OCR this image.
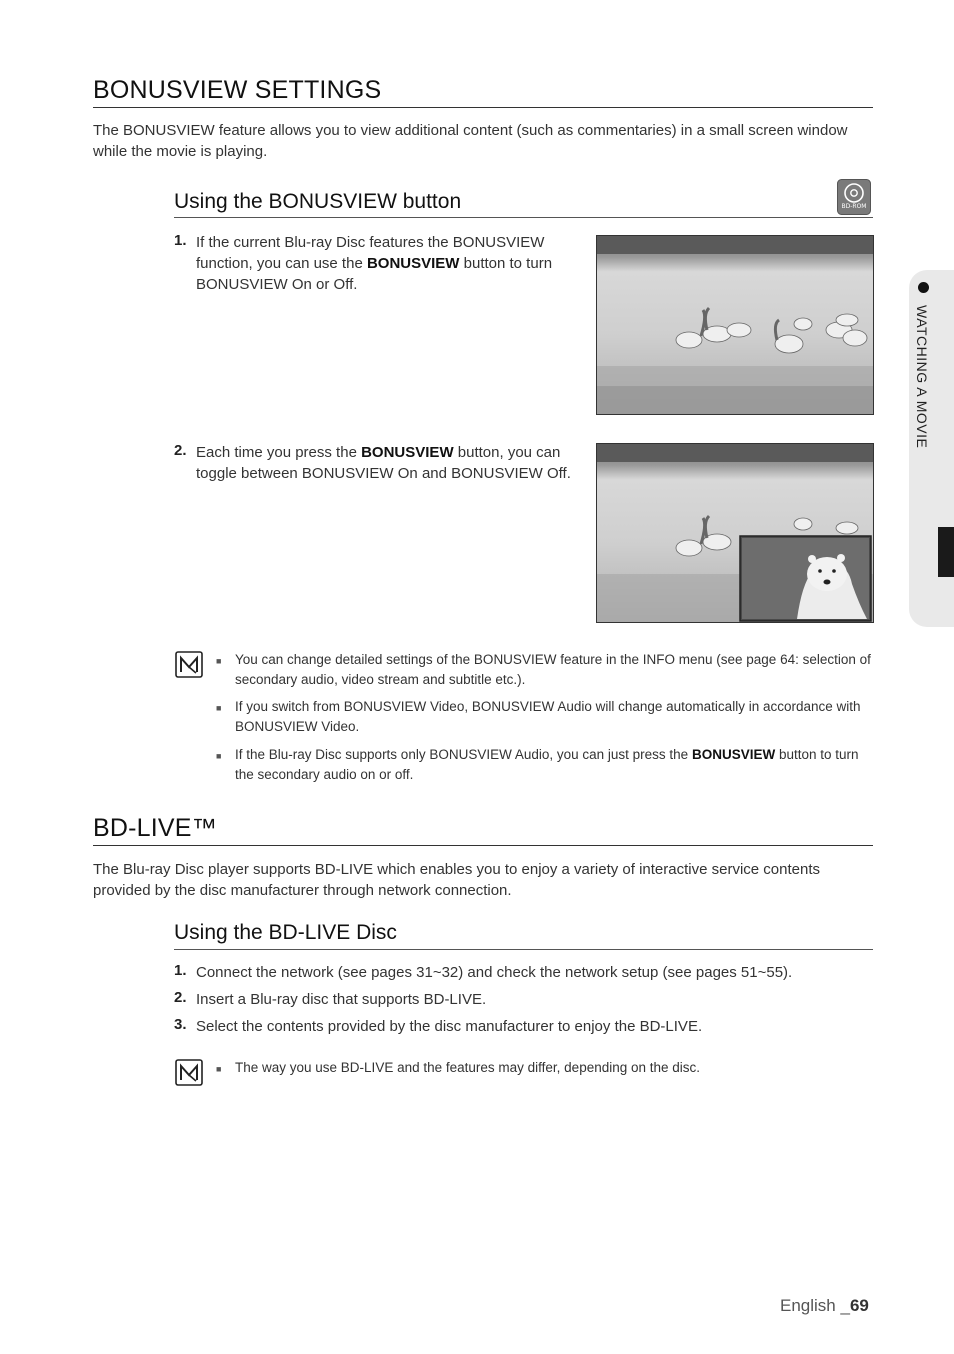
BONUSVIEW SETTINGS
The BONUSVIEW feature allows you to view additional content (such as commentaries) in a small screen window while the movie is playing.
Using the BONUSVIEW button	BD-ROM
1. If the current Blu-ray Disc features the BONUSVIEW function, you can use the BONUSVIEW button to turn BONUSVIEW On or Off.
2. Each time you press the BONUSVIEW button, you can toggle between BONUSVIEW On and BONUSVIEW Off.
■ You can change detailed settings of the BONUSVIEW feature in the INFO menu (see page 64: selection of secondary audio, video stream and subtitle etc.).
■ If you switch from BONUSVIEW Video, BONUSVIEW Audio will change automatically in accordance with BONUSVIEW Video.
■ If the Blu-ray Disc supports only BONUSVIEW Audio, you can just press the BONUSVIEW button to turn the secondary audio on or off.
BD-LIVE™
The Blu-ray Disc player supports BD-LIVE which enables you to enjoy a variety of interactive service contents provided by the disc manufacturer through network connection.
Using the BD-LIVE Disc
1. Connect the network (see pages 31~32) and check the network setup (see pages 51~55).
2. Insert a Blu-ray disc that supports BD-LIVE.
3. Select the contents provided by the disc manufacturer to enjoy the BD-LIVE.
■ The way you use BD-LIVE and the features may differ, depending on the disc.
WATCHING A MOVIE
English _69
